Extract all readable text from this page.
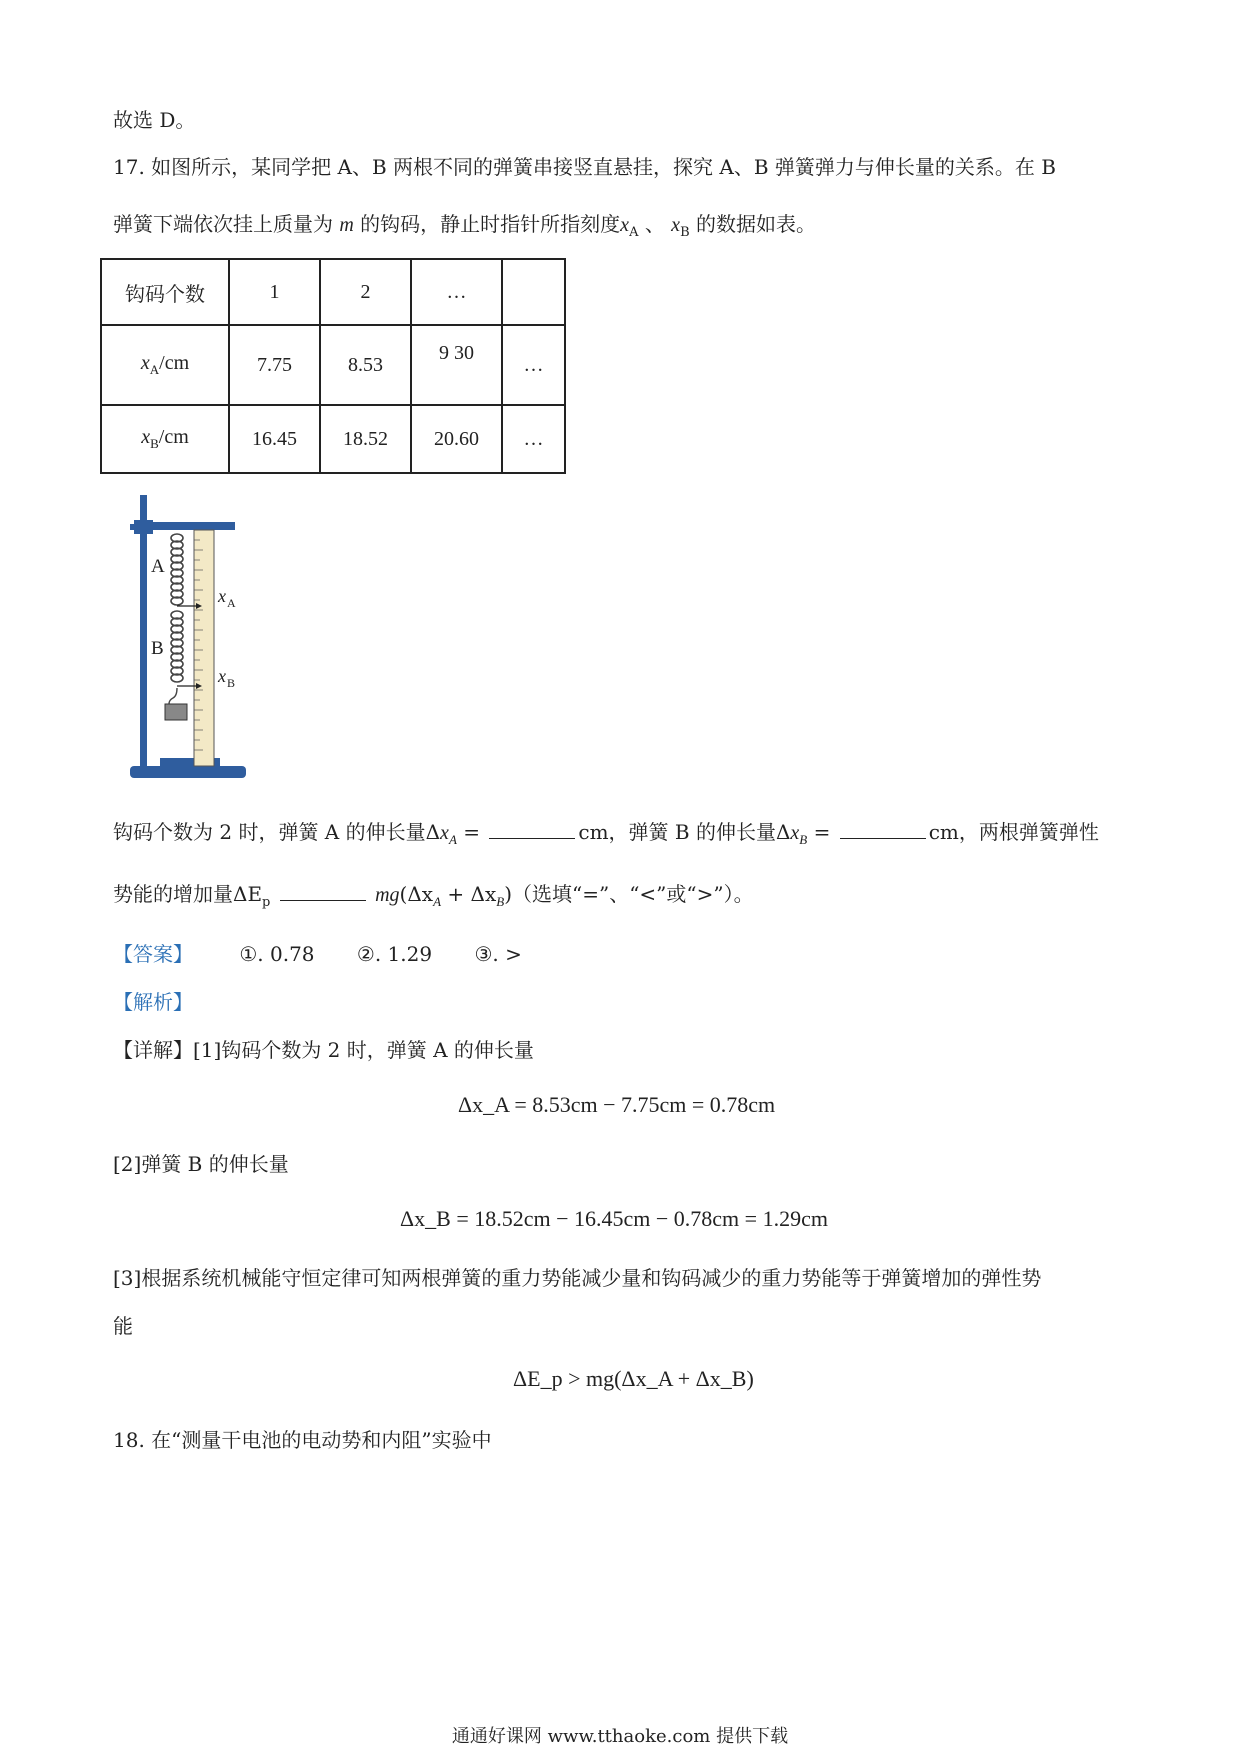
故选 D。
17. 如图所示，某同学把 A、B 两根不同的弹簧串接竖直悬挂，探究 A、B 弹簧弹力与伸长量的关系。在 B
弹簧下端依次挂上质量为 m 的钩码，静止时指针所指刻度$x_A$ 、 $x_B$ 的数据如表。
钩码个数	1	2	…	
$x_A/cm$	7.75	8.53	9 30	…
$x_B/cm$	16.45	18.52	20.60	…
A
B
x A
x B
钩码个数为 2 时，弹簧 A 的伸长量$\Delta x_A$ =	cm，弹簧 B 的伸长量$\Delta x_B$ =	cm，两根弹簧弹性
势能的增加量$\Delta E_p$	$mg(\Delta x_A + \Delta x_B)$（选填“=”、“<”或“>”）。
【答案】 ①. 0.78 ②. 1.29 ③. >
【解析】
【详解】[1]钩码个数为 2 时，弹簧 A 的伸长量
Δx_A = 8.53cm − 7.75cm = 0.78cm
[2]弹簧 B 的伸长量
Δx_B = 18.52cm − 16.45cm − 0.78cm = 1.29cm
[3]根据系统机械能守恒定律可知两根弹簧的重力势能减少量和钩码减少的重力势能等于弹簧增加的弹性势
能
ΔE_p > mg(Δx_A + Δx_B)
18. 在“测量干电池的电动势和内阻”实验中
通通好课网 www.tthaoke.com 提供下载
